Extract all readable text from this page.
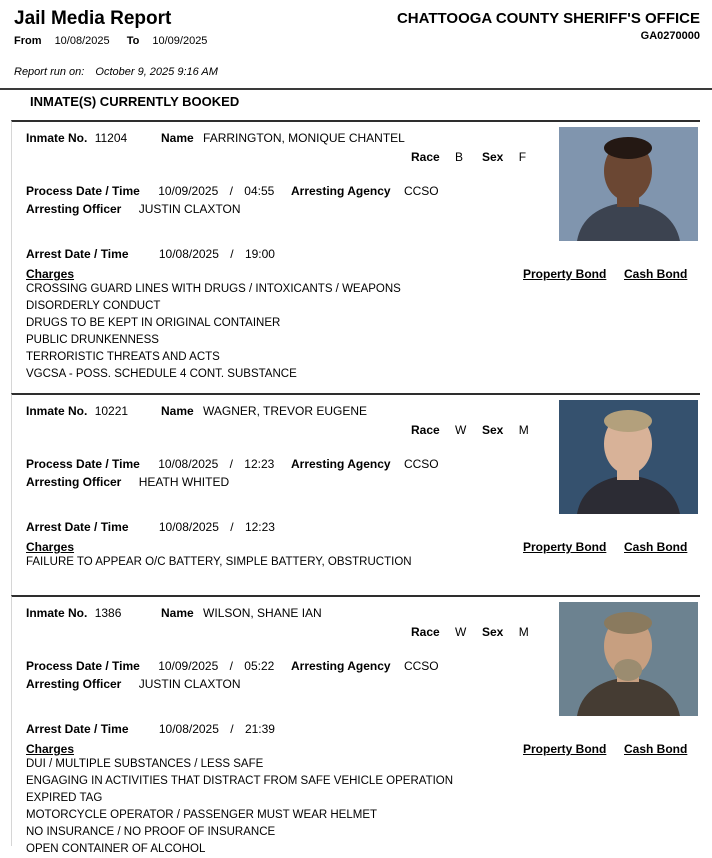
Jail Media Report
From 10/08/2025 To 10/09/2025
CHATTOOGA COUNTY SHERIFF'S OFFICE
GA0270000
Report run on: October 9, 2025 9:16 AM
INMATE(S) CURRENTLY BOOKED
Inmate No. 11204	Name FARRINGTON, MONIQUE CHANTEL
Race B Sex F
Process Date / Time 10/09/2025 / 04:55 Arresting Agency CCSO
Arresting Officer JUSTIN CLAXTON
Arrest Date / Time	10/08/2025 / 19:00
Charges	Property Bond Cash Bond
CROSSING GUARD LINES WITH DRUGS / INTOXICANTS / WEAPONS
DISORDERLY CONDUCT
DRUGS TO BE KEPT IN ORIGINAL CONTAINER
PUBLIC DRUNKENNESS
TERRORISTIC THREATS AND ACTS
VGCSA - POSS. SCHEDULE 4 CONT. SUBSTANCE
Inmate No. 10221	Name WAGNER, TREVOR EUGENE
Race W Sex M
Process Date / Time 10/08/2025 / 12:23 Arresting Agency CCSO
Arresting Officer HEATH WHITED
Arrest Date / Time	10/08/2025 / 12:23
Charges	Property Bond Cash Bond
FAILURE TO APPEAR O/C BATTERY, SIMPLE BATTERY, OBSTRUCTION
Inmate No. 1386	Name WILSON, SHANE IAN
Race W Sex M
Process Date / Time 10/09/2025 / 05:22 Arresting Agency CCSO
Arresting Officer JUSTIN CLAXTON
Arrest Date / Time	10/08/2025 / 21:39
Charges	Property Bond Cash Bond
DUI / MULTIPLE SUBSTANCES / LESS SAFE
ENGAGING IN ACTIVITIES THAT DISTRACT FROM SAFE VEHICLE OPERATION
EXPIRED TAG
MOTORCYCLE OPERATOR / PASSENGER MUST WEAR HELMET
NO INSURANCE / NO PROOF OF INSURANCE
OPEN CONTAINER OF ALCOHOL
